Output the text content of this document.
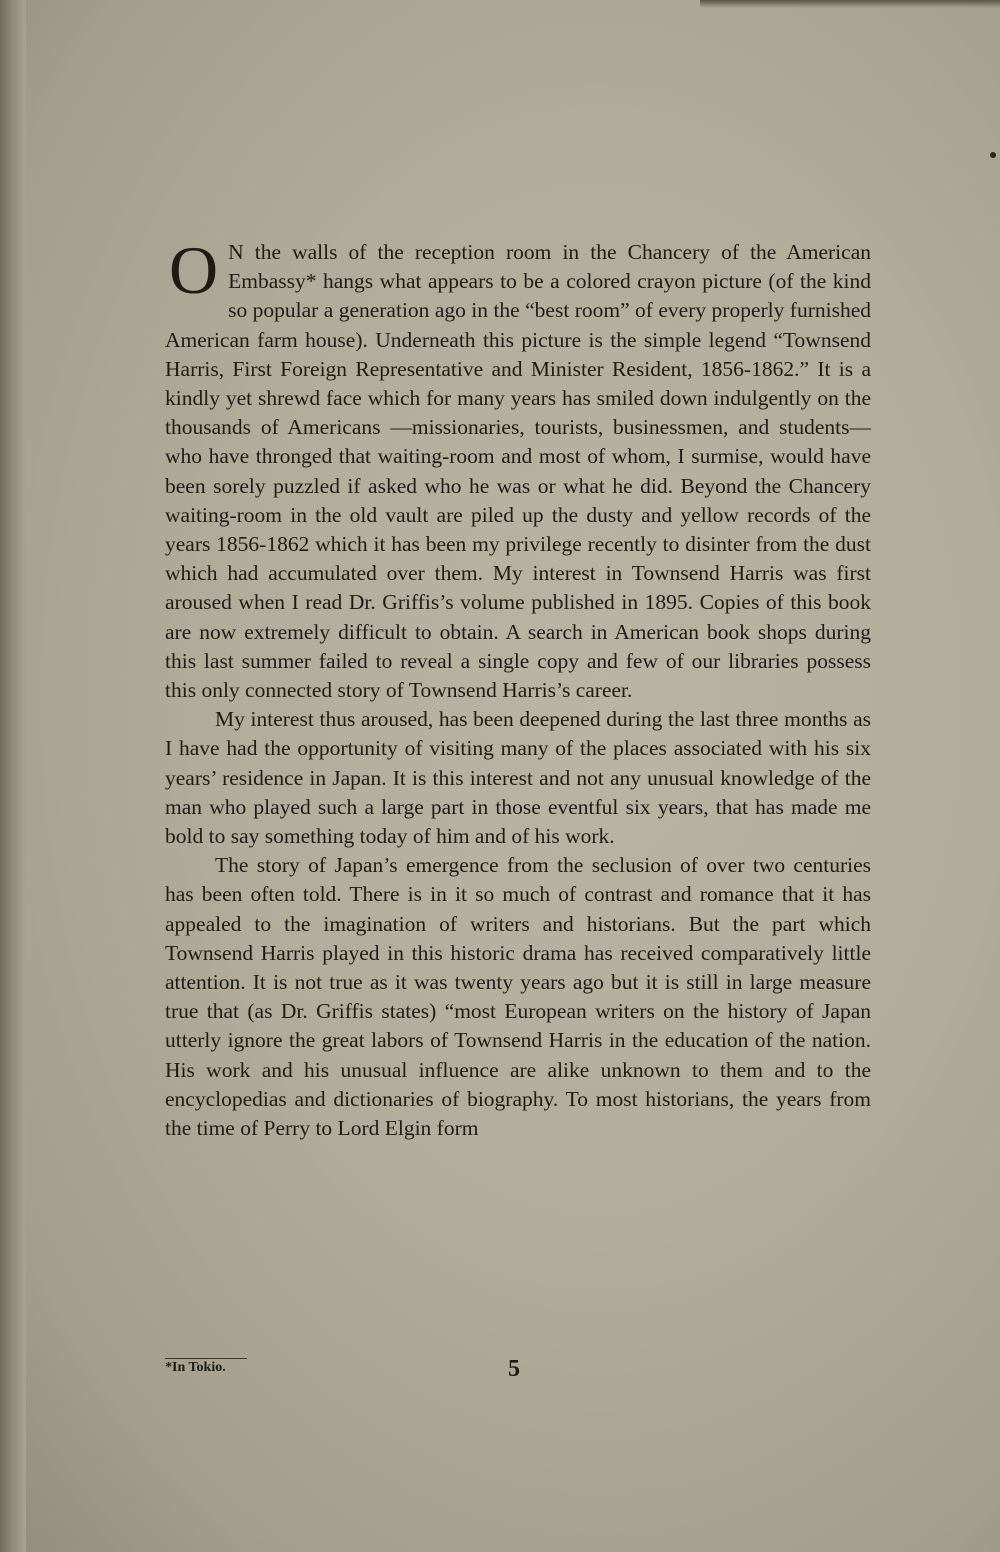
O N the walls of the reception room in the Chancery of the American Embassy* hangs what appears to be a colored crayon picture (of the kind so popular a generation ago in the “best room” of every properly furnished American farm house). Underneath this picture is the simple legend “Townsend Harris, First Foreign Representative and Minister Resident, 1856-1862.” It is a kindly yet shrewd face which for many years has smiled down indulgently on the thousands of Americans —missionaries, tourists, businessmen, and students—who have thronged that waiting-room and most of whom, I surmise, would have been sorely puzzled if asked who he was or what he did. Beyond the Chancery waiting-room in the old vault are piled up the dusty and yellow records of the years 1856-1862 which it has been my privilege recently to disinter from the dust which had accumulated over them. My interest in Townsend Harris was first aroused when I read Dr. Griffis’s volume published in 1895. Copies of this book are now extremely difficult to obtain. A search in American book shops during this last summer failed to reveal a single copy and few of our libraries possess this only connected story of Townsend Harris’s career.

My interest thus aroused, has been deepened during the last three months as I have had the opportunity of visiting many of the places associated with his six years’ residence in Japan. It is this interest and not any unusual knowledge of the man who played such a large part in those eventful six years, that has made me bold to say something today of him and of his work.

The story of Japan’s emergence from the seclusion of over two centuries has been often told. There is in it so much of contrast and romance that it has appealed to the imagination of writers and historians. But the part which Townsend Harris played in this historic drama has received comparatively little attention. It is not true as it was twenty years ago but it is still in large measure true that (as Dr. Griffis states) “most European writers on the history of Japan utterly ignore the great labors of Townsend Harris in the education of the nation. His work and his unusual influence are alike unknown to them and to the encyclopedias and dictionaries of biography. To most historians, the years from the time of Perry to Lord Elgin form

*In Tokio.	5
